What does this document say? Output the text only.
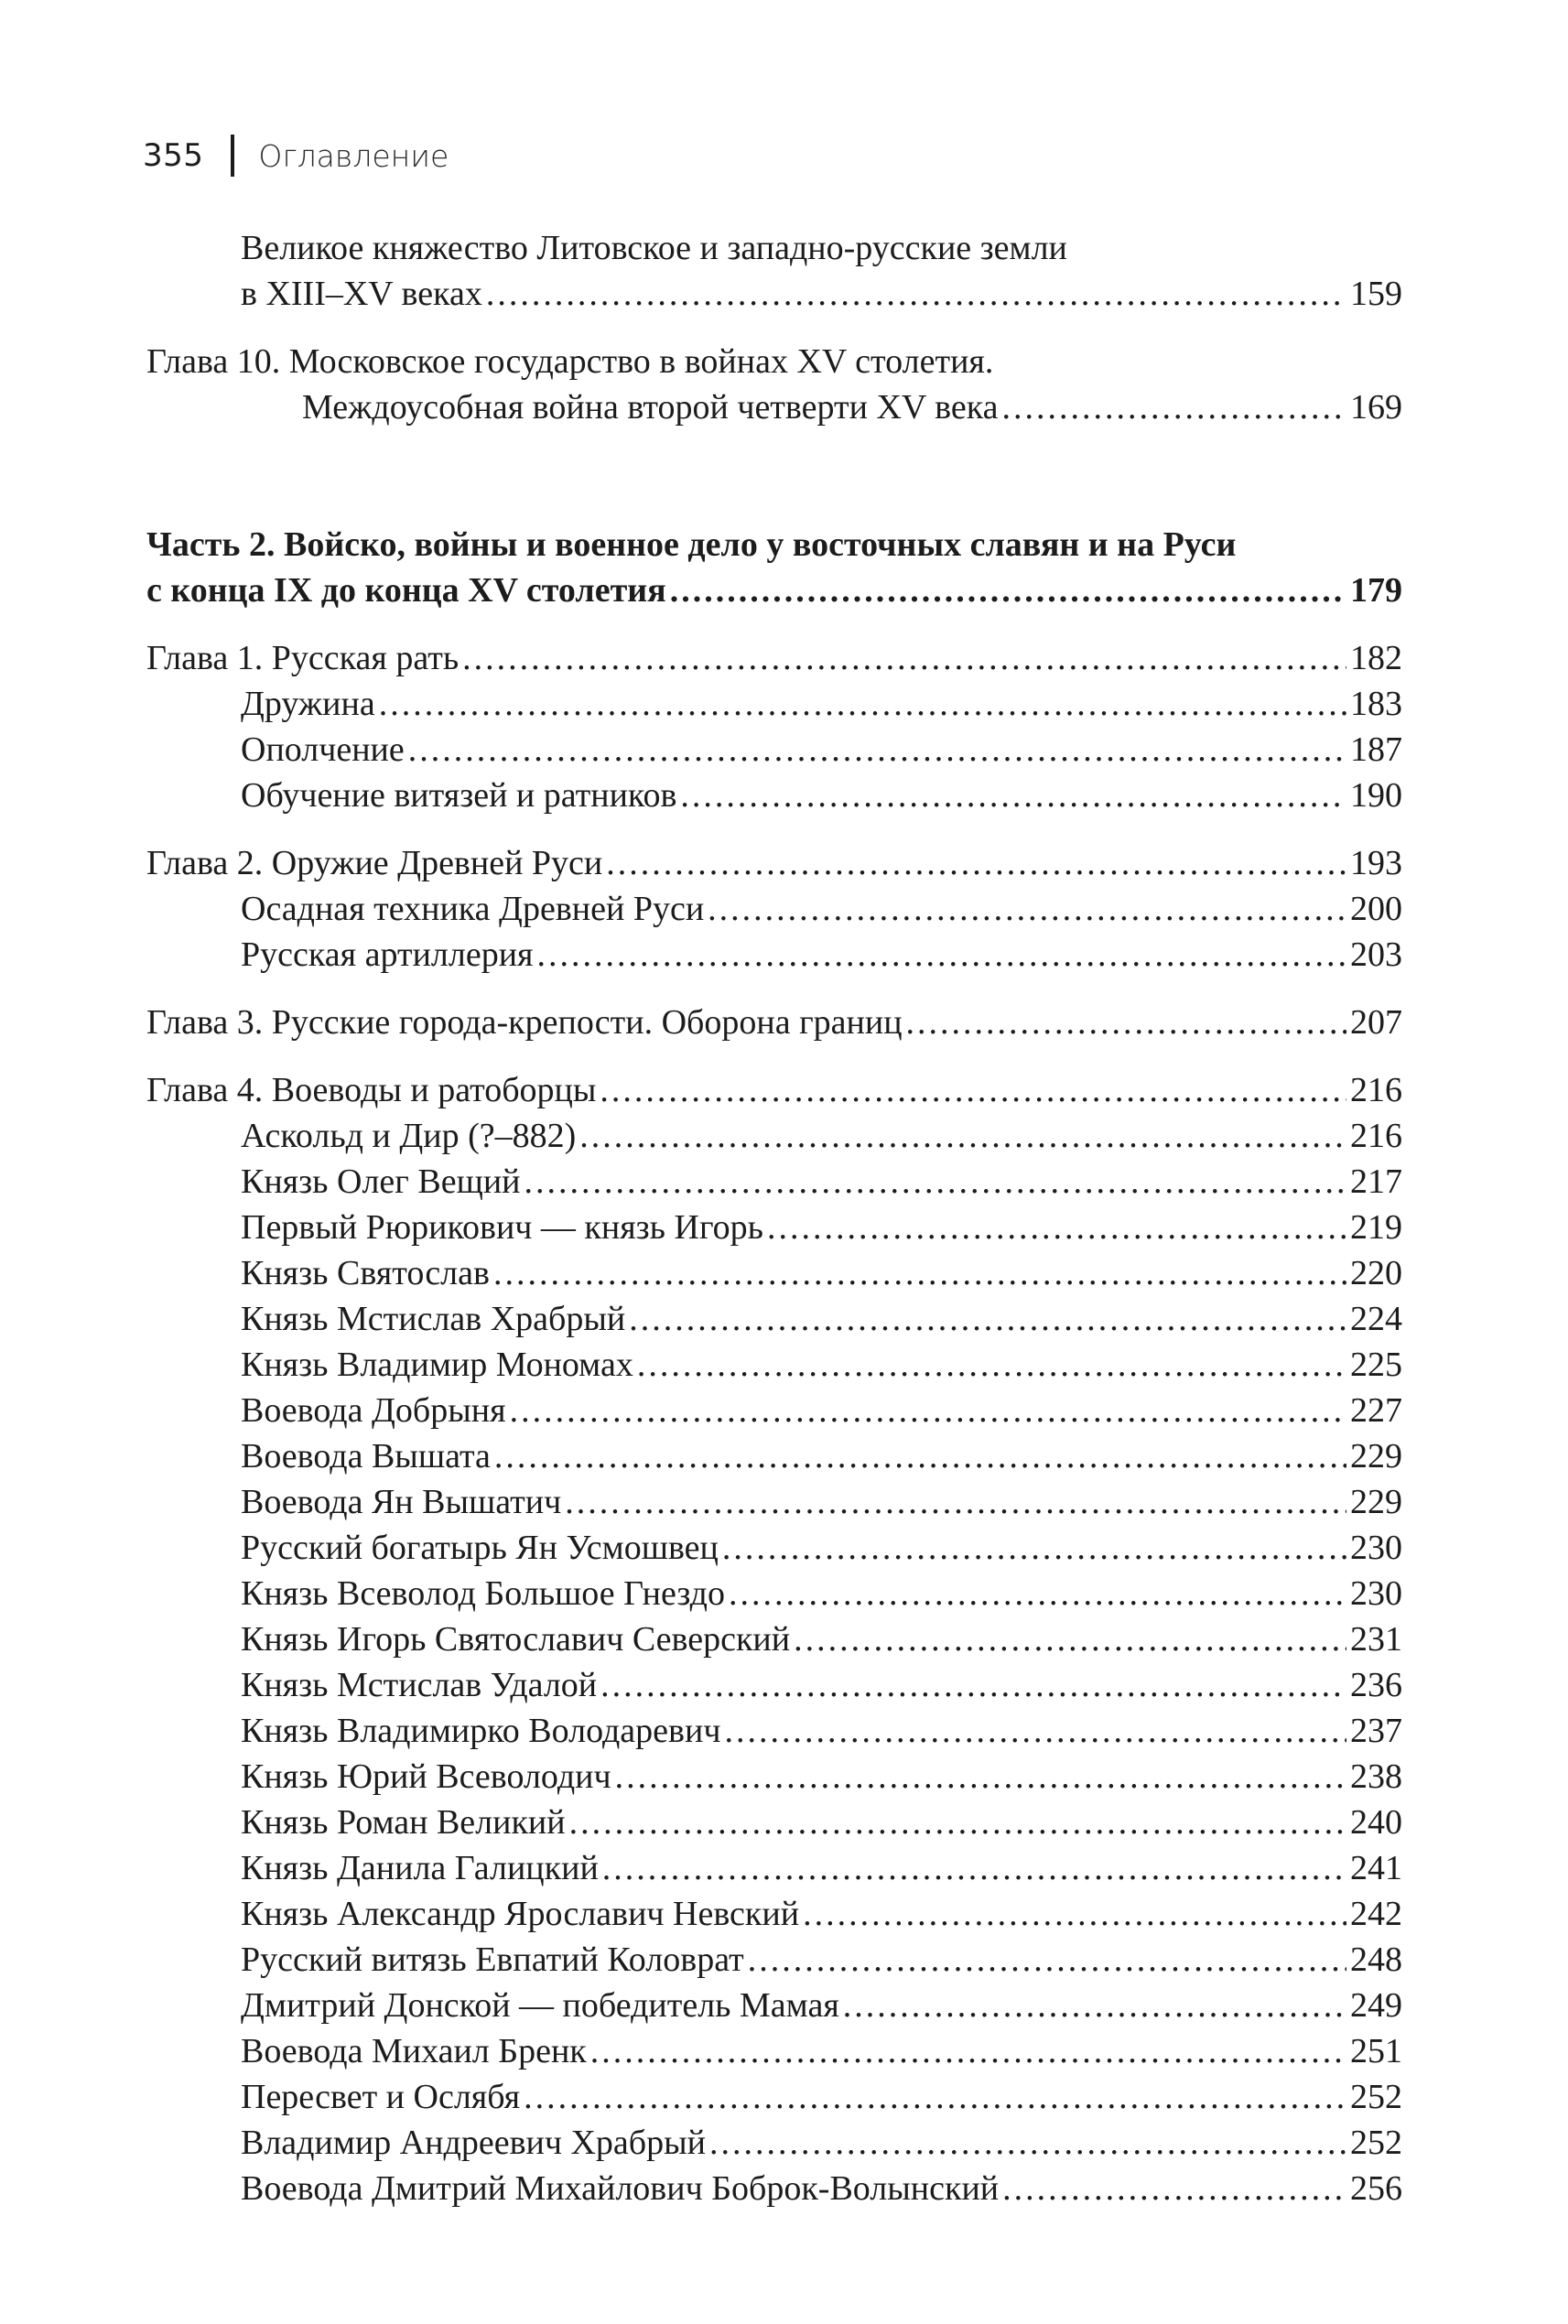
355 Оглавление
Великое княжество Литовское и западно-русские земли
в XIII–XV веках .....	159
Глава 10. Московское государство в войнах XV столетия.
Междоусобная война второй четверти XV века .....	169
Часть 2. Войско, войны и военное дело у восточных славян и на Руси
с конца IX до конца XV столетия .....	179
Глава 1. Русская рать .....	182
Дружина .....	183
Ополчение .....	187
Обучение витязей и ратников .....	190
Глава 2. Оружие Древней Руси .....	193
Осадная техника Древней Руси .....	200
Русская артиллерия .....	203
Глава 3. Русские города-крепости. Оборона границ .....	207
Глава 4. Воеводы и ратоборцы .....	216
Аскольд и Дир (?–882) .....	216
Князь Олег Вещий .....	217
Первый Рюрикович — князь Игорь .....	219
Князь Святослав .....	220
Князь Мстислав Храбрый .....	224
Князь Владимир Мономах .....	225
Воевода Добрыня .....	227
Воевода Вышата .....	229
Воевода Ян Вышатич .....	229
Русский богатырь Ян Усмошвец .....	230
Князь Всеволод Большое Гнездо .....	230
Князь Игорь Святославич Северский .....	231
Князь Мстислав Удалой .....	236
Князь Владимирко Володаревич .....	237
Князь Юрий Всеволодич .....	238
Князь Роман Великий .....	240
Князь Данила Галицкий .....	241
Князь Александр Ярославич Невский .....	242
Русский витязь Евпатий Коловрат .....	248
Дмитрий Донской — победитель Мамая .....	249
Воевода Михаил Бренк .....	251
Пересвет и Ослябя .....	252
Владимир Андреевич Храбрый .....	252
Воевода Дмитрий Михайлович Боброк-Волынский .....	256
